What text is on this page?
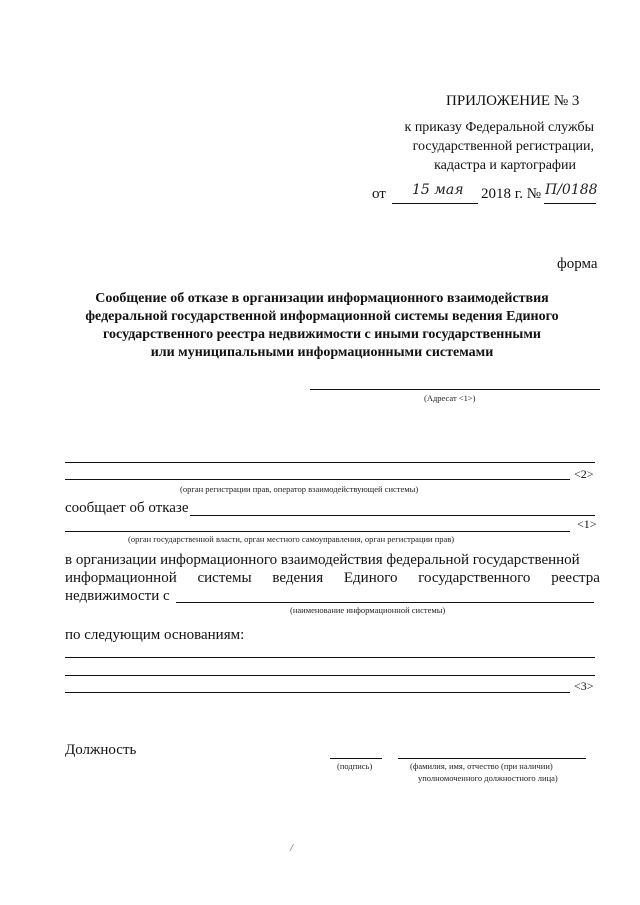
ПРИЛОЖЕНИЕ № 3
к приказу Федеральной службы
государственной регистрации,
кадастра и картографии
от 15 мая 2018 г. № П/0188
форма
Сообщение об отказе в организации информационного взаимодействия
федеральной государственной информационной системы ведения Единого
государственного реестра недвижимости с иными государственными
или муниципальными информационными системами
(Адресат <1>)
<2>
(орган регистрации прав, оператор взаимодействующей системы)
сообщает об отказе
<1>
(орган государственной власти, орган местного самоуправления, орган регистрации прав)
в организации информационного взаимодействия федеральной государственной
информационной системы ведения Единого государственного реестра
недвижимости с
(наименование информационной системы)
по следующим основаниям:
<3>
Должность
(подпись)	(фамилия, имя, отчество (при наличии)
уполномоченного должностного лица)
/
